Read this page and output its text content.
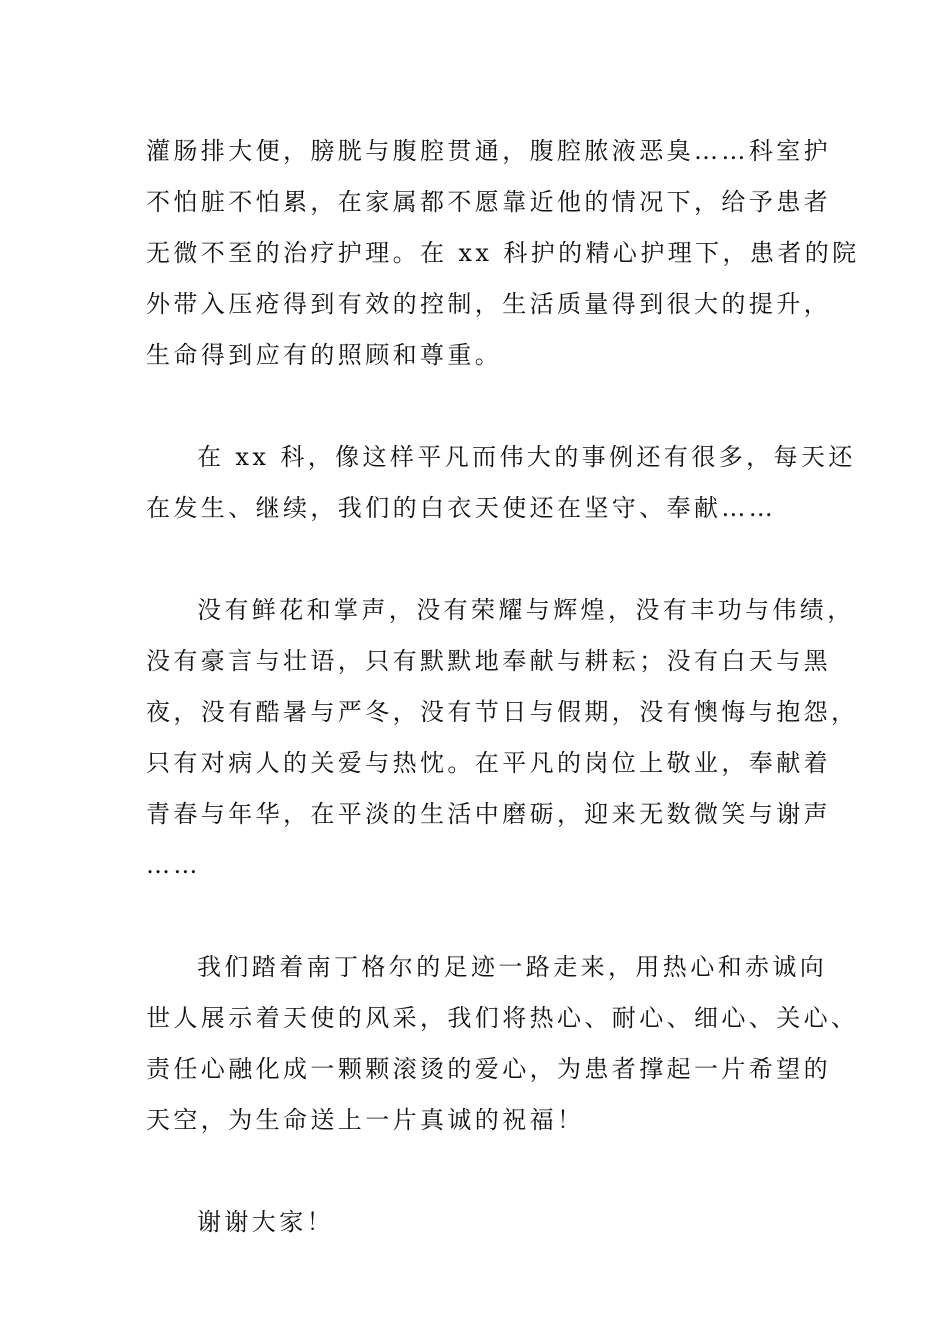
灌肠排大便，膀胱与腹腔贯通，腹腔脓液恶臭……科室护
不怕脏不怕累，在家属都不愿靠近他的情况下，给予患者
无微不至的治疗护理。在 xx 科护的精心护理下，患者的院
外带入压疮得到有效的控制，生活质量得到很大的提升，
生命得到应有的照顾和尊重。
在 xx 科，像这样平凡而伟大的事例还有很多，每天还
在发生、继续，我们的白衣天使还在坚守、奉献……
没有鲜花和掌声，没有荣耀与辉煌，没有丰功与伟绩，
没有豪言与壮语，只有默默地奉献与耕耘；没有白天与黑
夜，没有酷暑与严冬，没有节日与假期，没有懊悔与抱怨，
只有对病人的关爱与热忱。在平凡的岗位上敬业，奉献着
青春与年华，在平淡的生活中磨砺，迎来无数微笑与谢声
……
我们踏着南丁格尔的足迹一路走来，用热心和赤诚向
世人展示着天使的风采，我们将热心、耐心、细心、关心、
责任心融化成一颗颗滚烫的爱心，为患者撑起一片希望的
天空，为生命送上一片真诚的祝福！
谢谢大家！
